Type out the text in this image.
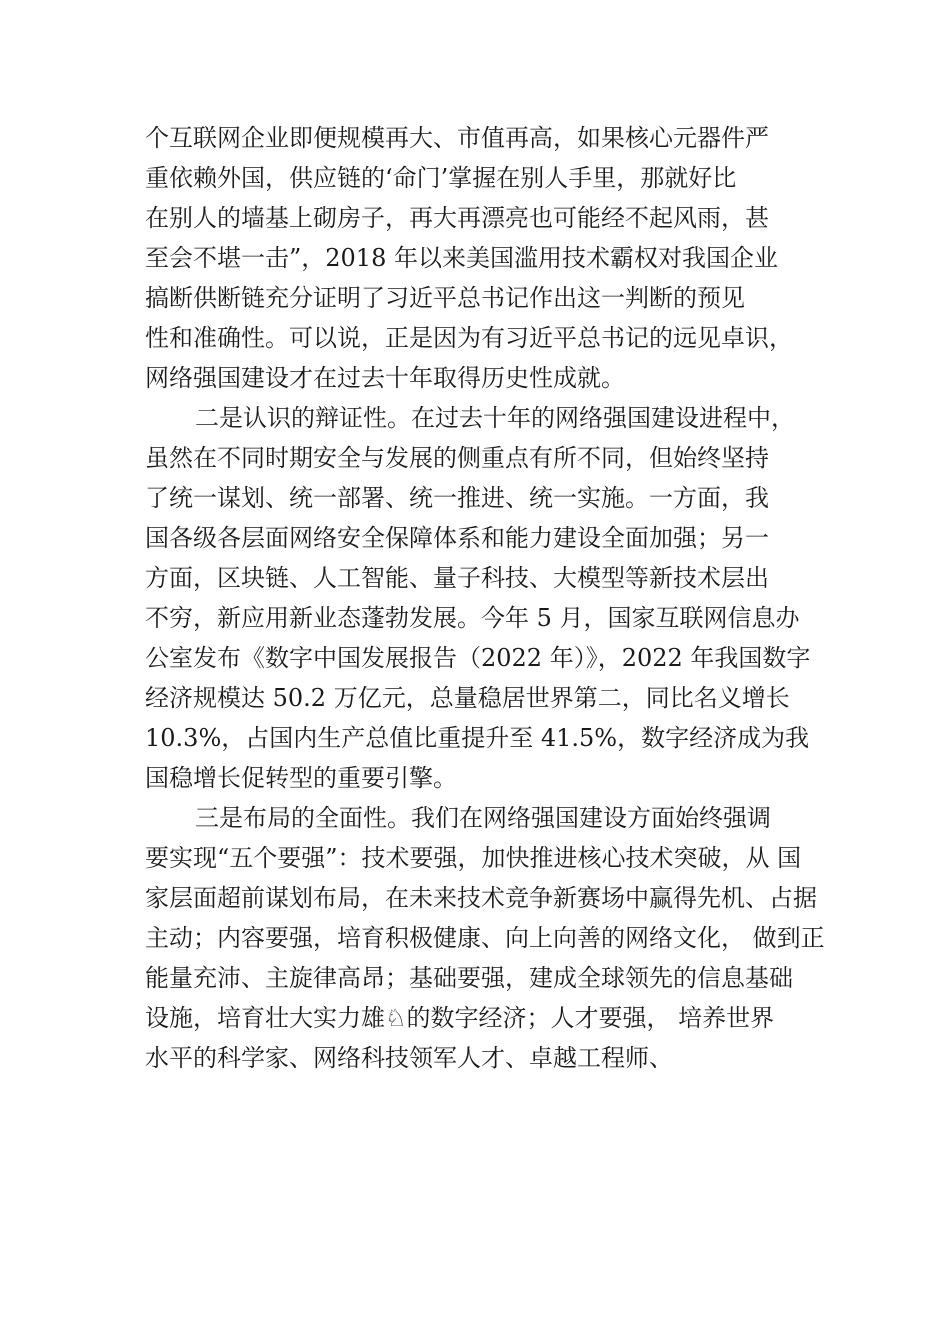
个互联网企业即便规模再大、市值再高，如果核心元器件严
重依赖外国，供应链的‘命门’掌握在别人手里，那就好比
在别人的墙基上砌房子，再大再漂亮也可能经不起风雨，甚
至会不堪一击”，2018 年以来美国滥用技术霸权对我国企业
搞断供断链充分证明了习近平总书记作出这一判断的预见
性和准确性。可以说，正是因为有习近平总书记的远见卓识，
网络强国建设才在过去十年取得历史性成就。
二是认识的辩证性。在过去十年的网络强国建设进程中，
虽然在不同时期安全与发展的侧重点有所不同，但始终坚持
了统一谋划、统一部署、统一推进、统一实施。一方面，我
国各级各层面网络安全保障体系和能力建设全面加强；另一
方面，区块链、人工智能、量子科技、大模型等新技术层出
不穷，新应用新业态蓬勃发展。今年 5 月，国家互联网信息办
公室发布《数字中国发展报告（2022 年）》，2022 年我国数字
经济规模达 50.2 万亿元，总量稳居世界第二，同比名义增长
10.3%，占国内生产总值比重提升至 41.5%，数字经济成为我
国稳增长促转型的重要引擎。
三是布局的全面性。我们在网络强国建设方面始终强调
要实现“五个要强”：技术要强，加快推进核心技术突破，从 国
家层面超前谋划布局，在未来技术竞争新赛场中赢得先机、占据
主动；内容要强，培育积极健康、向上向善的网络文化， 做到正
能量充沛、主旋律高昂；基础要强，建成全球领先的信息基础
设施，培育壮大实力雄♘的数字经济；人才要强， 培养世界
水平的科学家、网络科技领军人才、卓越工程师、
